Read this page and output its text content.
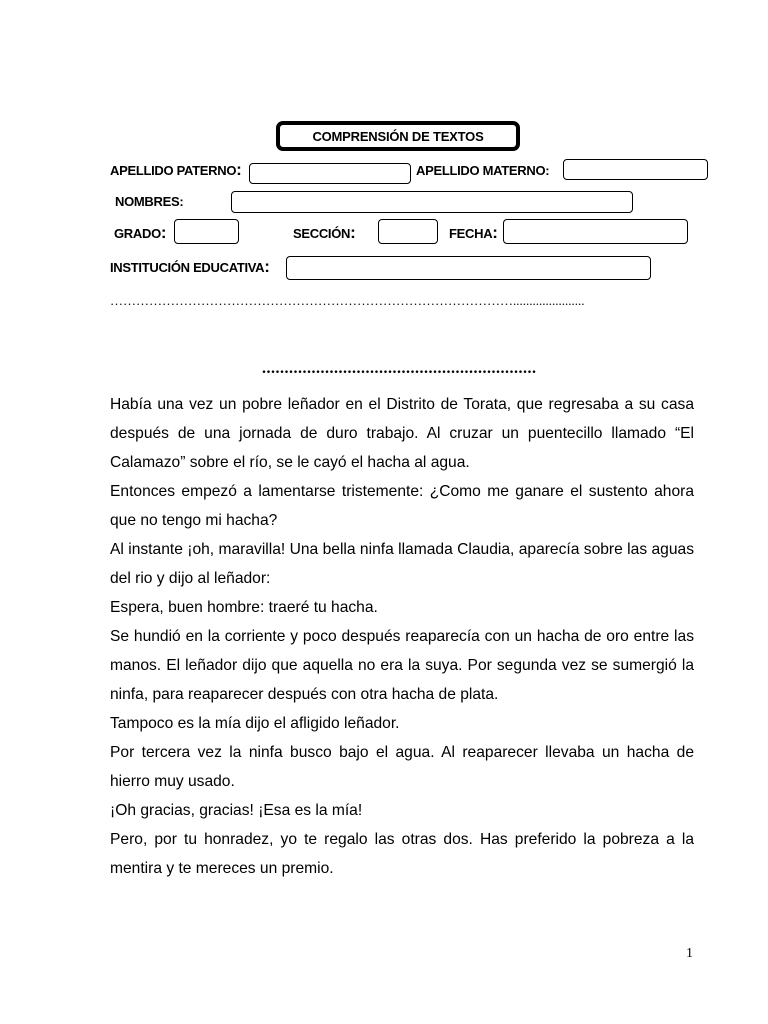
COMPRENSIÓN DE TEXTOS
APELLIDO PATERNO:	APELLIDO MATERNO:
NOMBRES:
GRADO:	SECCIÓN:	FECHA:
INSTITUCIÓN EDUCATIVA:
…………………………………………………………………………………......................
.............................................................

Había una vez un pobre leñador en el Distrito de Torata, que regresaba a su casa después de una jornada de duro trabajo. Al cruzar un puentecillo llamado “El Calamazo” sobre el río, se le cayó el hacha al agua.

Entonces empezó a lamentarse tristemente: ¿Como me ganare el sustento ahora que no tengo mi hacha?

Al instante ¡oh, maravilla! Una bella ninfa llamada Claudia, aparecía sobre las aguas del rio y dijo al leñador:

Espera, buen hombre: traeré tu hacha.

Se hundió en la corriente y poco después reaparecía con un hacha de oro entre las manos. El leñador dijo que aquella no era la suya. Por segunda vez se sumergió la ninfa, para reaparecer después con otra hacha de plata.

Tampoco es la mía dijo el afligido leñador.

Por tercera vez la ninfa busco bajo el agua. Al reaparecer llevaba un hacha de hierro muy usado.

¡Oh gracias, gracias! ¡Esa es la mía!

Pero, por tu honradez, yo te regalo las otras dos. Has preferido la pobreza a la mentira y te mereces un premio.

1
